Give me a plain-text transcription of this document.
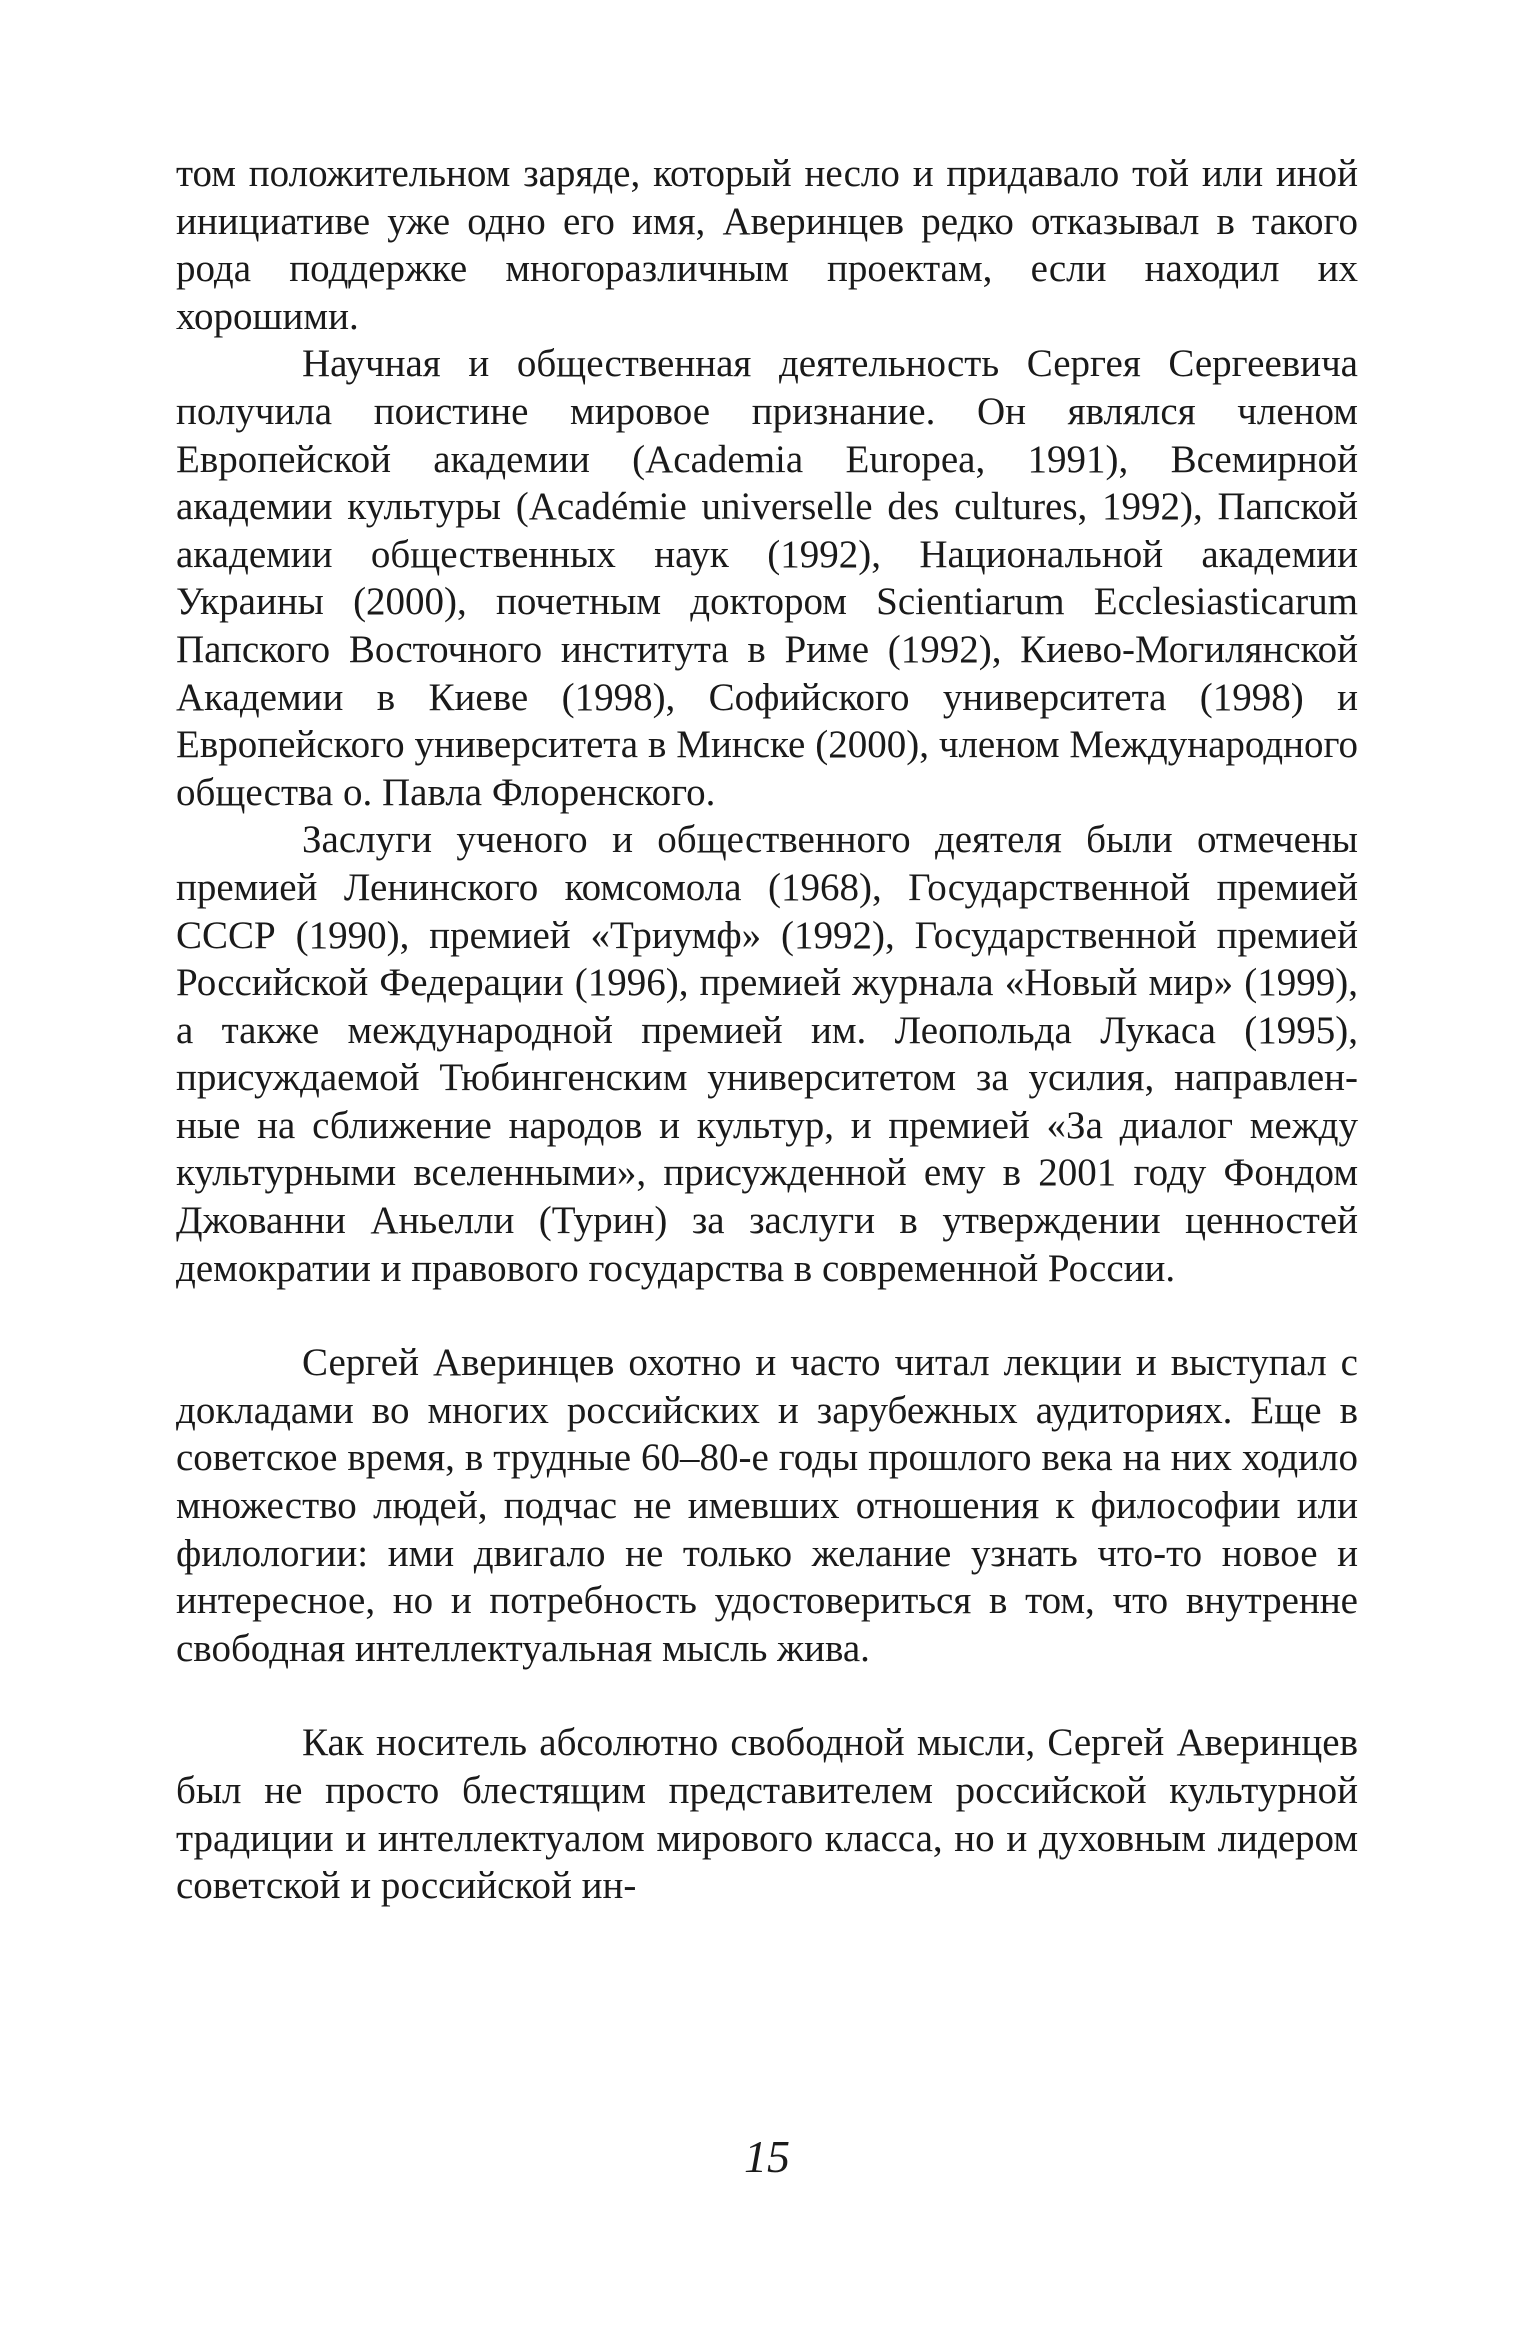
том положительном заряде, который несло и придавало той или иной инициативе уже одно его имя, Аверинцев редко отказывал в такого рода поддержке многоразличным проектам, если находил их хорошими.

Научная и общественная деятельность Сергея Сергеевича получила поистине мировое признание. Он являлся членом Европейской академии (Academia Europea, 1991), Всемирной академии культуры (Académie universelle des cultures, 1992), Папской академии общественных наук (1992), Национальной академии Украины (2000), почетным доктором Scientiarum Ecclesiasticarum Папского Восточного института в Риме (1992), Киево-Могилянской Академии в Киеве (1998), Софийского университета (1998) и Европейского университета в Минске (2000), членом Международного общества о. Павла Флоренского.

Заслуги ученого и общественного деятеля были отмечены премией Ленинского комсомола (1968), Государственной премией СССР (1990), премией «Триумф» (1992), Государственной премией Российской Федерации (1996), премией журнала «Новый мир» (1999), а также международной премией им. Леопольда Лукаса (1995), присуждаемой Тюбингенским университетом за усилия, направленные на сближение народов и культур, и премией «За диалог между культурными вселенными», присужденной ему в 2001 году Фондом Джованни Аньелли (Турин) за заслуги в утверждении ценностей демократии и правового государства в современной России.

Сергей Аверинцев охотно и часто читал лекции и выступал с докладами во многих российских и зарубежных аудиториях. Еще в советское время, в трудные 60–80-е годы прошлого века на них ходило множество людей, подчас не имевших отношения к философии или филологии: ими двигало не только желание узнать что-то новое и интересное, но и потребность удостовериться в том, что внутренне свободная интеллектуальная мысль жива.

Как носитель абсолютно свободной мысли, Сергей Аверинцев был не просто блестящим представителем российской культурной традиции и интеллектуалом мирового класса, но и духовным лидером советской и российской ин-

15
